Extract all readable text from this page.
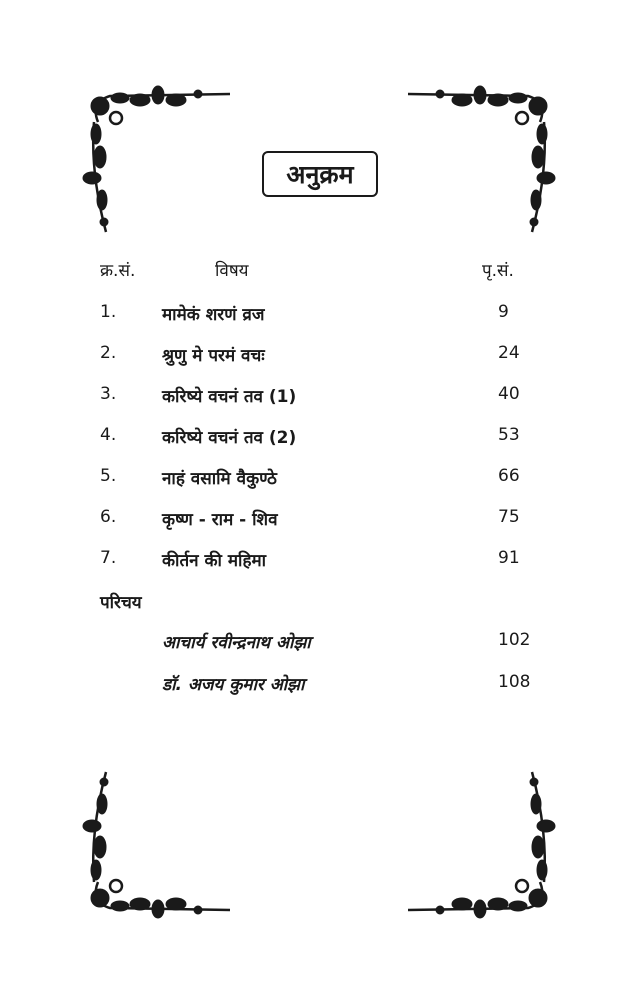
अनुक्रम
क्र.सं.	विषय	पृ.सं.
1.	मामेकं शरणं व्रज	9
2.	श्रुणु मे परमं वचः	24
3.	करिष्ये वचनं तव (1)	40
4.	करिष्ये वचनं तव (2)	53
5.	नाहं वसामि वैकुण्ठे	66
6.	कृष्ण - राम - शिव	75
7.	कीर्तन की महिमा	91
परिचय
आचार्य रवीन्द्रनाथ ओझा	102
डॉ. अजय कुमार ओझा	108
